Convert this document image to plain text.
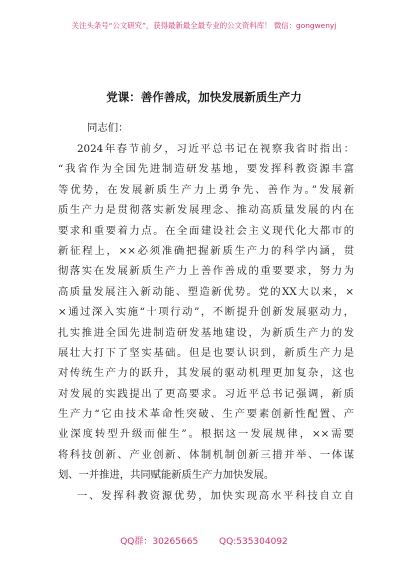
关注头条号“公文研究”，获得最新最全最专业的公文资料库！ 微信：gongwenyj
党课：善作善成，加快发展新质生产力
同志们：
2024年春节前夕，习近平总书记在视察我省时指出：
“我省作为全国先进制造研发基地，要发挥科教资源丰富
等优势，在发展新质生产力上勇争先、善作为。”发展新
质生产力是贯彻落实新发展理念、推动高质量发展的内在
要求和重要着力点。在全面建设社会主义现代化大都市的
新征程上，××必须准确把握新质生产力的科学内涵，贯
彻落实在发展新质生产力上善作善成的重要要求，努力为
高质量发展注入新动能、塑造新优势。党的XX大以来，×
×通过深入实施“十项行动”，不断提升创新发展驱动力，
扎实推进全国先进制造研发基地建设，为新质生产力的发
展壮大打下了坚实基础。但是也要认识到，新质生产力是
对传统生产力的跃升，其发展的驱动机理更加复杂，这也
对发展的实践提出了更高要求。习近平总书记强调，新质
生产力“它由技术革命性突破、生产要素创新性配置、产
业深度转型升级而催生”。根据这一发展规律，××需要
将科技创新、产业创新、体制机制创新三措并举、一体谋
划、一并推进，共同赋能新质生产力加快发展。
一、发挥科教资源优势，加快实现高水平科技自立自
QQ群：30265665 QQ:535304092
